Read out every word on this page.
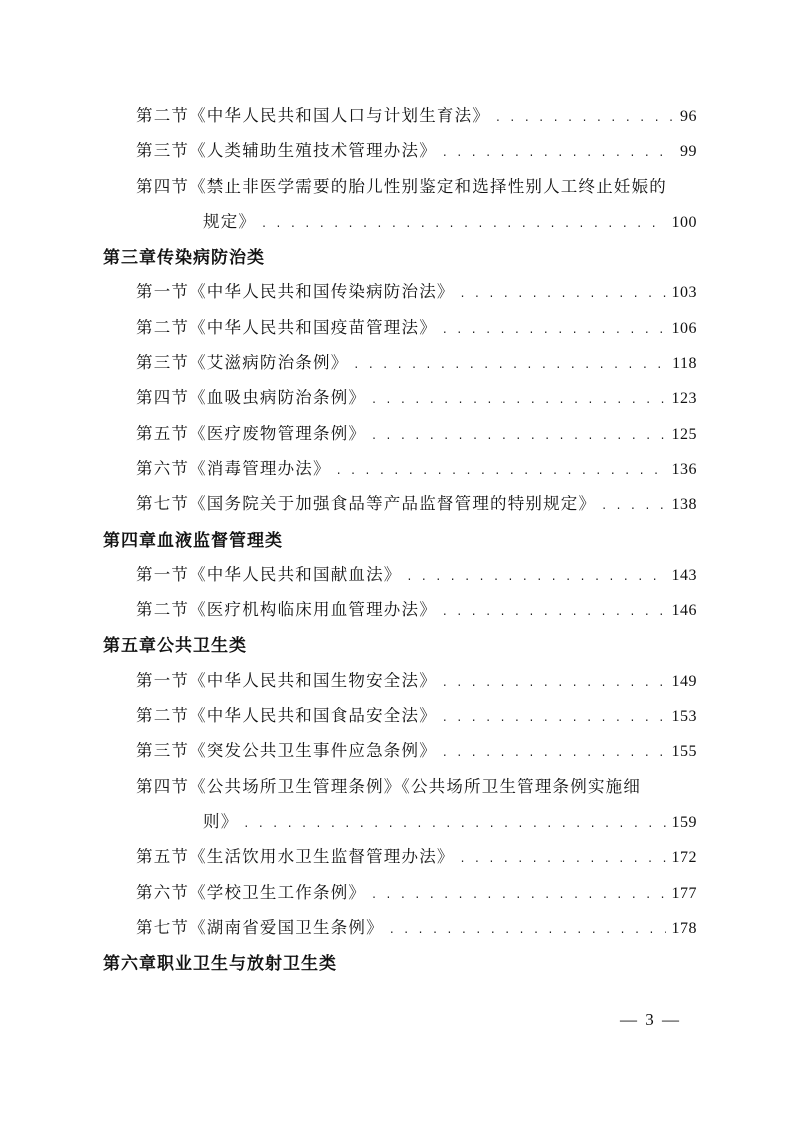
第二节《中华人民共和国人口与计划生育法》 . . .	96
第三节《人类辅助生殖技术管理办法》 . . .	99
第四节《禁止非医学需要的胎儿性别鉴定和选择性别人工终止妊娠的
规定》 . . .	100
第三章传染病防治类
第一节《中华人民共和国传染病防治法》 . . .	103
第二节《中华人民共和国疫苗管理法》 . . .	106
第三节《艾滋病防治条例》 . . .	118
第四节《血吸虫病防治条例》 . . .	123
第五节《医疗废物管理条例》 . . .	125
第六节《消毒管理办法》 . . .	136
第七节《国务院关于加强食品等产品监督管理的特别规定》 . . .	138
第四章血液监督管理类
第一节《中华人民共和国献血法》 . . .	143
第二节《医疗机构临床用血管理办法》 . . .	146
第五章公共卫生类
第一节《中华人民共和国生物安全法》 . . .	149
第二节《中华人民共和国食品安全法》 . . .	153
第三节《突发公共卫生事件应急条例》 . . .	155
第四节《公共场所卫生管理条例》《公共场所卫生管理条例实施细
则》 . . .	159
第五节《生活饮用水卫生监督管理办法》 . . .	172
第六节《学校卫生工作条例》 . . .	177
第七节《湖南省爱国卫生条例》 . . .	178
第六章职业卫生与放射卫生类
— 3 —
